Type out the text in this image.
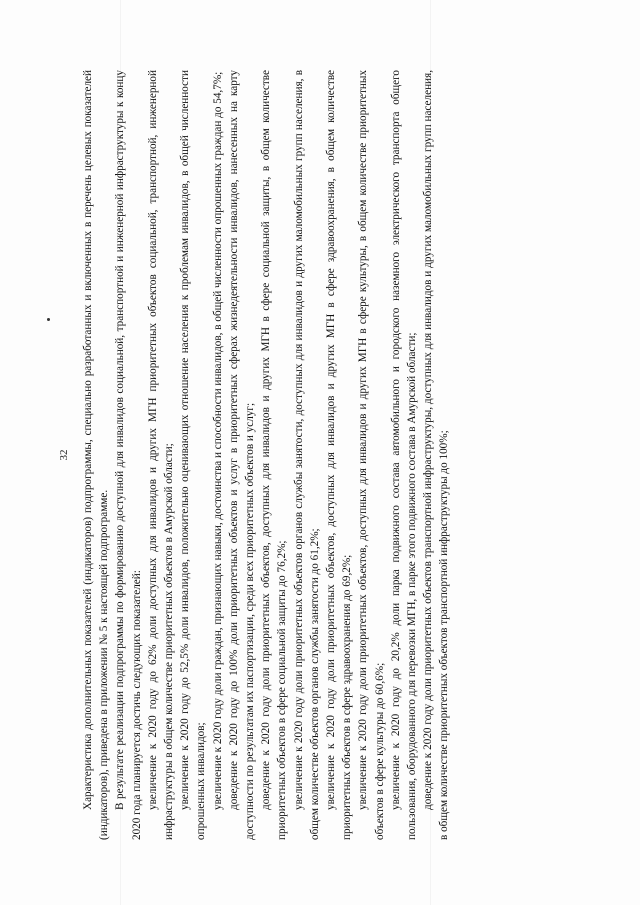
32 Характеристика дополнительных показателей (индикаторов) подпрограммы, специально разработанных и включенных в перечень целевых показателей (индикаторов), приведена в приложении № 5 к настоящей подпрограмме. В результате реализации подпрограммы по формированию доступной для инвалидов социальной, транспортной и инженерной инфраструктуры к концу 2020 года планируется достичь следующих показателей: увеличение к 2020 году до 62% доли доступных для инвалидов и других МГН приоритетных объектов социальной, транспортной, инженерной инфраструктуры в общем количестве приоритетных объектов в Амурской области; увеличение к 2020 году до 52,5% доли инвалидов, положительно оценивающих отношение населения к проблемам инвалидов, в общей численности опрошенных инвалидов; увеличение к 2020 году доли граждан, признающих навыки, достоинства и способности инвалидов, в общей численности опрошенных граждан до 54,7%; доведение к 2020 году до 100% доли приоритетных объектов и услуг в приоритетных сферах жизнедеятельности инвалидов, нанесенных на карту доступности по результатам их паспортизации, среди всех приоритетных объектов и услуг; доведение к 2020 году доли приоритетных объектов, доступных для инвалидов и других МГН в сфере социальной защиты, в общем количестве приоритетных объектов в сфере социальной защиты до 76,2%; увеличение к 2020 году доли приоритетных объектов органов службы занятости, доступных для инвалидов и других маломобильных групп населения, в общем количестве объектов органов службы занятости до 61,2%; увеличение к 2020 году доли приоритетных объектов, доступных для инвалидов и других МГН в сфере здравоохранения, в общем количестве приоритетных объектов в сфере здравоохранения до 69,2%; увеличение к 2020 году доли приоритетных объектов, доступных для инвалидов и других МГН в сфере культуры, в общем количестве приоритетных объектов в сфере культуры до 60,6%; увеличение к 2020 году до 20,2% доли парка подвижного состава автомобильного и городского наземного электрического транспорта общего пользования, оборудованного для перевозки МГН, в парке этого подвижного состава в Амурской области; доведение к 2020 году доли приоритетных объектов транспортной инфраструктуры, доступных для инвалидов и других маломобильных групп населения, в общем количестве приоритетных объектов транспортной инфраструктуры до 100%;
